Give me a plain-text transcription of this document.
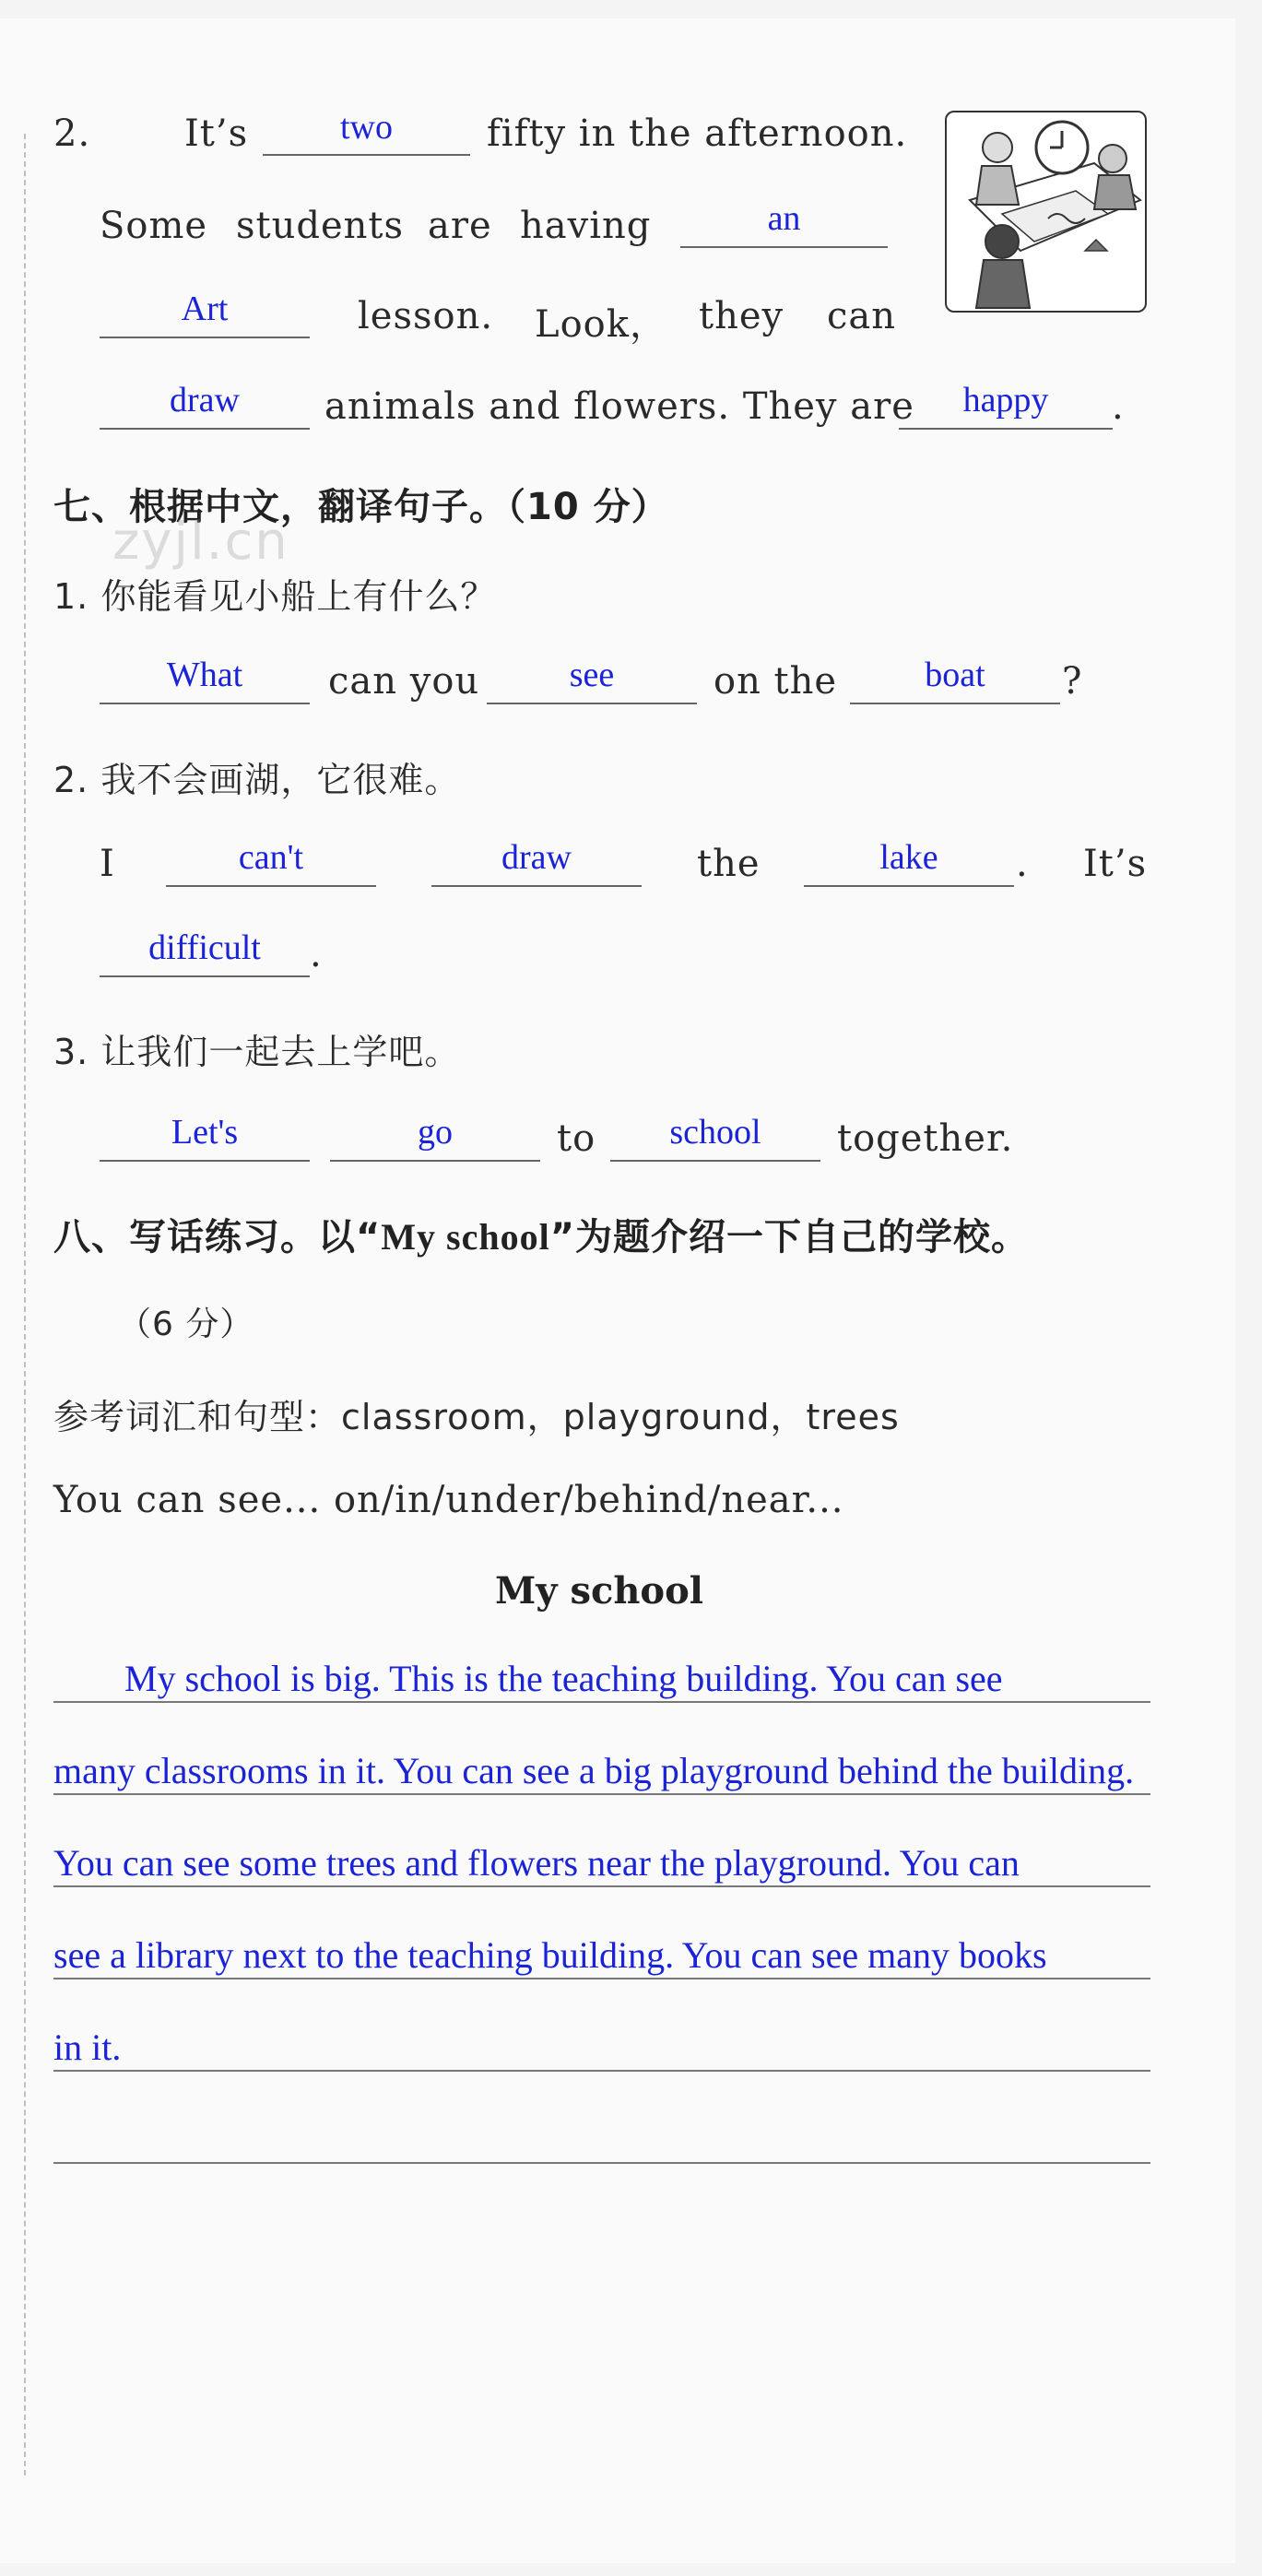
2.	It’s	two	fifty in the afternoon.
Some students are having	an
Art	lesson. Look， they can
draw	animals and flowers. They are	happy	.
七、根据中文，翻译句子。（10 分）
zyjl.cn
1. 你能看见小船上有什么？
What	can you	see	on the	boat	?
2. 我不会画湖，它很难。
I	can't	draw	the	lake	. It’s
difficult	.
3. 让我们一起去上学吧。
Let's	go	to	school	together.
八、写话练习。以“My school”为题介绍一下自己的学校。
（6 分）
参考词汇和句型：classroom，playground，trees
You can see... on/in/under/behind/near...
My school
My school is big. This is the teaching building. You can see
many classrooms in it. You can see a big playground behind the building.
You can see some trees and flowers near the playground. You can
see a library next to the teaching building. You can see many books
in it.
